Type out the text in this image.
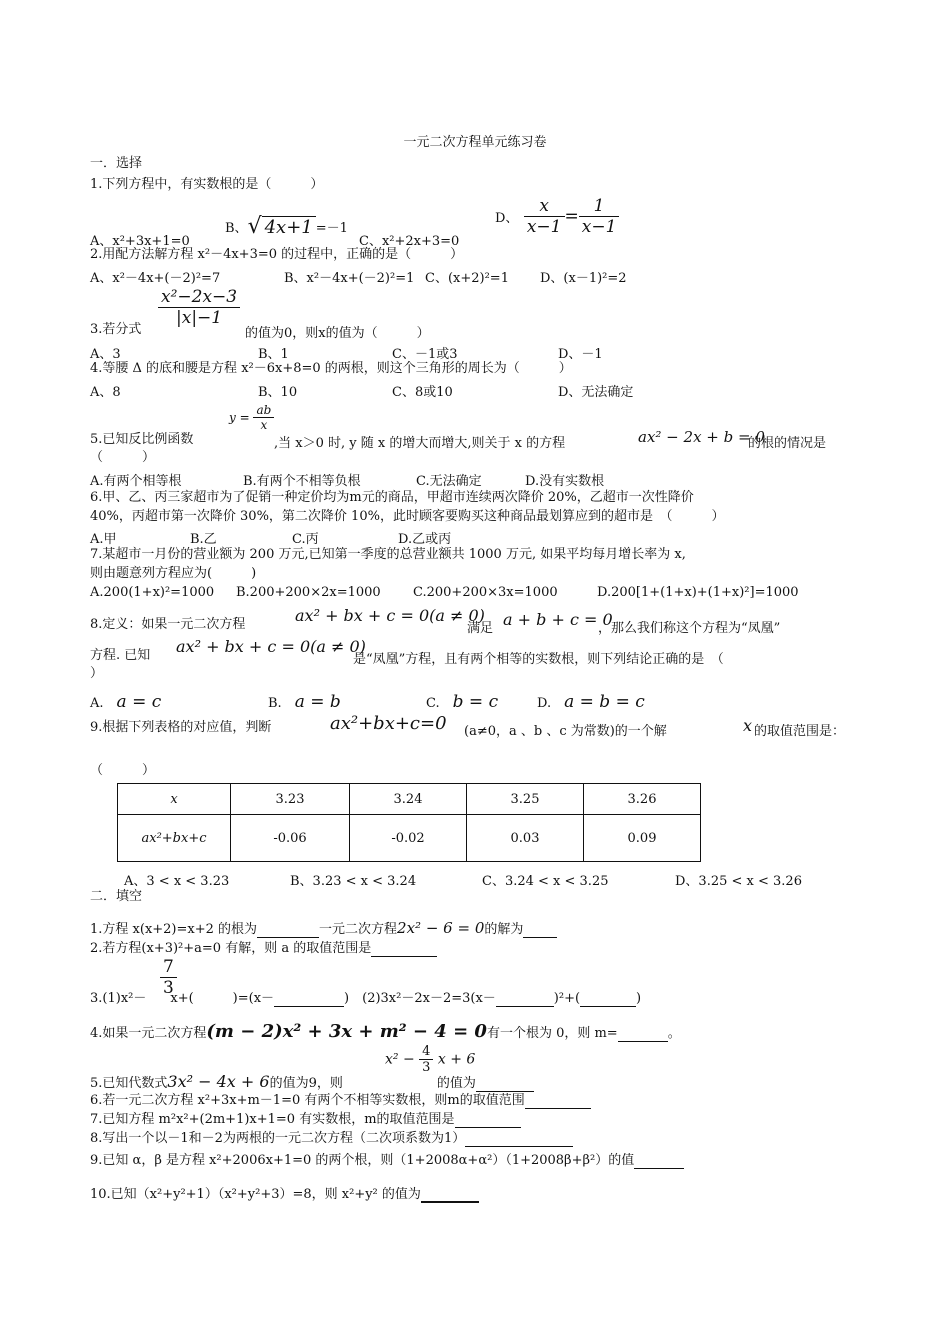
一元二次方程单元练习卷
一．选择
1.下列方程中，有实数根的是（　　　）
A、x²+3x+1=0
B、√ 4x+1 =－1
C、x²+2x+3=0
D、 $\frac{x}{x-1} = \frac{1}{x-1}$
2.用配方法解方程 x²－4x+3=0 的过程中，正确的是（　　　）
A、x²－4x+(－2)²=7	B、x²－4x+(－2)²=1 C、(x+2)²=1 D、(x－1)²=2
$\frac{\text{x²−2x−3}}{|x|-1}$
3.若分式	的值为0，则x的值为（　　　）
A、3	B、1	C、－1或3	D、－1
4.等腰 Δ 的底和腰是方程 x²－6x+8=0 的两根，则这个三角形的周长为（　　　）
A、8	B、10	C、8或10	D、无法确定
$y = \frac{ab}{x}$
5.已知反比例函数	,当 x＞0 时, y 随 x 的增大而增大,则关于 x 的方程	ax² − 2x + b = 0
的根的情况是
（　　　）
A.有两个相等根	B.有两个不相等负根	C.无法确定	D.没有实数根
6.甲、乙、丙三家超市为了促销一种定价均为m元的商品，甲超市连续两次降价 20%，乙超市一次性降价
40%，丙超市第一次降价 30%，第二次降价 10%，此时顾客要购买这种商品最划算应到的超市是　（　　　）
A.甲	B.乙	C.丙	D.乙或丙
7.某超市一月份的营业额为 200 万元,已知第一季度的总营业额共 1000 万元, 如果平均每月增长率为 x,
则由题意列方程应为(　　　)
A.200(1+x)²=1000 B.200+200×2x=1000 C.200+200×3x=1000	D.200[1+(1+x)+(1+x)²]=1000
8.定义：如果一元二次方程	ax² + bx + c = 0(a ≠ 0)
满足 a + b + c = 0
，那么我们称这个方程为“凤凰”
方程. 已知 ax² + bx + c = 0(a ≠ 0)
是“凤凰”方程，且有两个相等的实数根，则下列结论正确的是　（
）
A.　 a = c	B.　 a = b	C.　 b = c	D.　 a = b = c
9.根据下列表格的对应值，判断	ax²+bx+c=0 (a≠0，a 、b 、c 为常数)的一个解	x 的取值范围是：
（　　　）
x	3.23	3.24	3.25	3.26
ax²+bx+c	-0.06	-0.02	0.03	0.09
A、3 < x < 3.23	B、3.23 < x < 3.24	C、3.24 < x < 3.25	D、3.25 < x < 3.26
二．填空
1.方程 x(x+2)=x+2 的根为	一元二次方程2x² − 6 = 0的解为
2.若方程(x+3)²+a=0 有解，则 a 的取值范围是
$\frac{7}{3}$
3.(1)x²－ x+(　　　)=(x－	)　(2)3x²－2x－2=3(x－	)²+(	)
4.如果一元二次方程(m − 2)x² + 3x + m² − 4 = 0有一个根为 0，则 m=	。
$x^2 - \frac{4}{3}$ x + 6
5.已知代数式3x² − 4x + 6的值为9，则	的值为
6.若一元二次方程 x²+3x+m－1=0 有两个不相等实数根，则m的取值范围
7.已知方程 m²x²+(2m+1)x+1=0 有实数根，m的取值范围是
8.写出一个以－1和－2为两根的一元二次方程（二次项系数为1）
9.已知 α，β 是方程 x²+2006x+1=0 的两个根，则（1+2008α+α²）（1+2008β+β²）的值
10.已知（x²+y²+1）（x²+y²+3）=8，则 x²+y² 的值为
